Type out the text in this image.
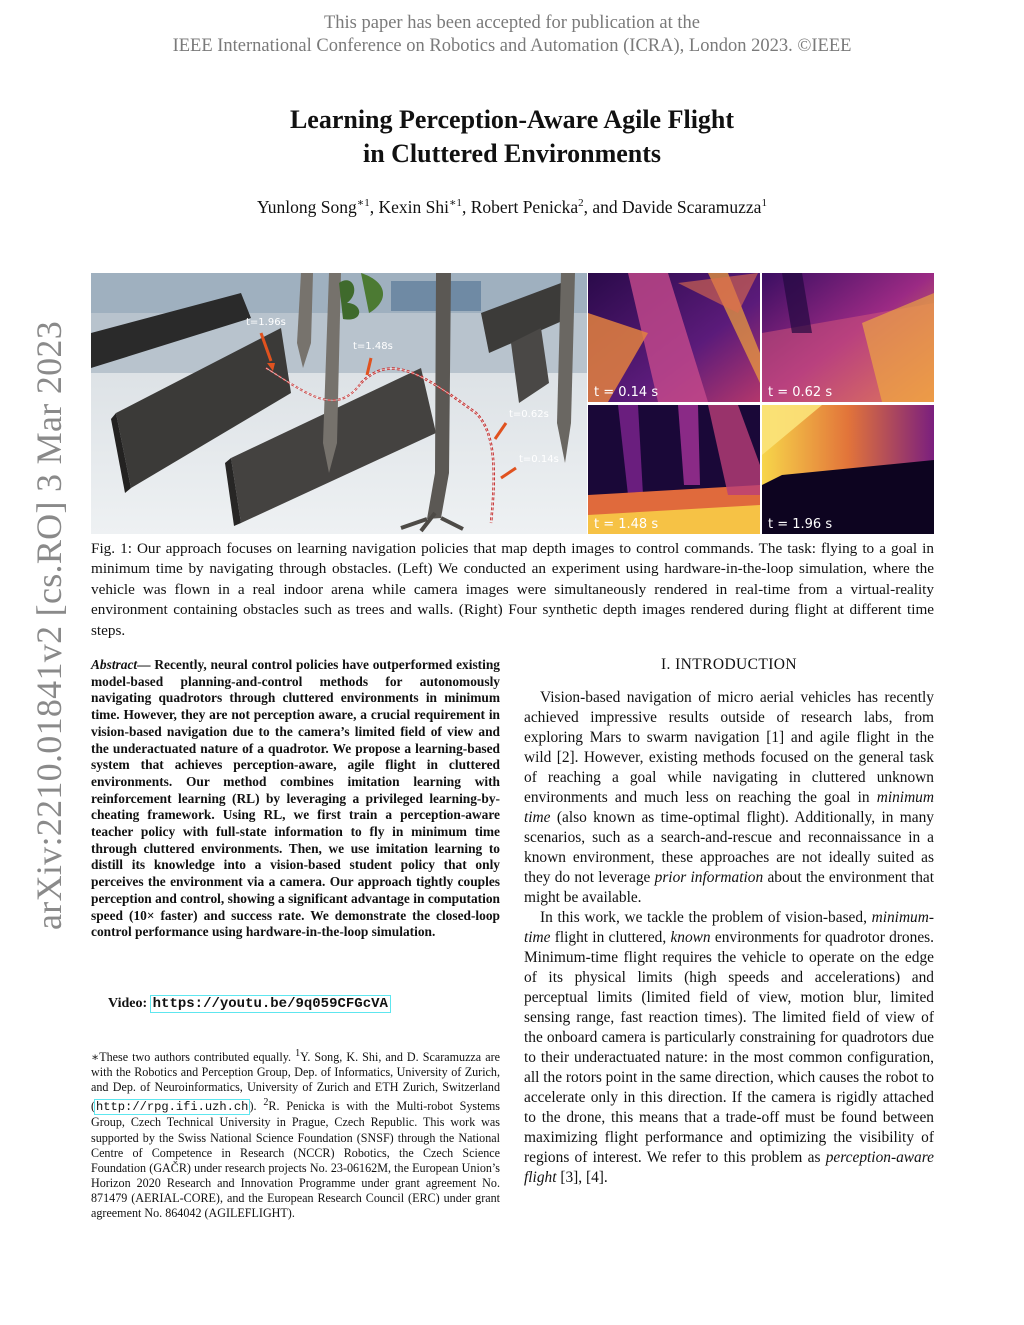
This paper has been accepted for publication at the
IEEE International Conference on Robotics and Automation (ICRA), London 2023. ©IEEE
arXiv:2210.01841v2 [cs.RO] 3 Mar 2023
Learning Perception-Aware Agile Flight
in Cluttered Environments
Yunlong Song$^{∗1}$, Kexin Shi$^{∗1}$, Robert Penicka$^2$, and Davide Scaramuzza$^1$
t=1.96s
t=1.48s
t=0.62s
t=0.14s
t = 0.14 s	t = 0.62 s
t = 1.48 s	t = 1.96 s
Fig. 1: Our approach focuses on learning navigation policies that map depth images to control commands. The task: flying to a goal in minimum time by navigating through obstacles. (Left) We conducted an experiment using hardware-in-the-loop simulation, where the vehicle was flown in a real indoor arena while camera images were simultaneously rendered in real-time from a virtual-reality environment containing obstacles such as trees and walls. (Right) Four synthetic depth images rendered during flight at different time steps.
Abstract— Recently, neural control policies have outperformed existing model-based planning-and-control methods for autonomously navigating quadrotors through cluttered environments in minimum time. However, they are not perception aware, a crucial requirement in vision-based navigation due to the camera’s limited field of view and the underactuated nature of a quadrotor. We propose a learning-based system that achieves perception-aware, agile flight in cluttered environments. Our method combines imitation learning with reinforcement learning (RL) by leveraging a privileged learning-by-cheating framework. Using RL, we first train a perception-aware teacher policy with full-state information to fly in minimum time through cluttered environments. Then, we use imitation learning to distill its knowledge into a vision-based student policy that only perceives the environment via a camera. Our approach tightly couples perception and control, showing a significant advantage in computation speed (10× faster) and success rate. We demonstrate the closed-loop control performance using hardware-in-the-loop simulation.
Video: https://youtu.be/9q059CFGcVA
∗These two authors contributed equally. $^1$Y. Song, K. Shi, and D. Scaramuzza are with the Robotics and Perception Group, Dep. of Informatics, University of Zurich, and Dep. of Neuroinformatics, University of Zurich and ETH Zurich, Switzerland (http://rpg.ifi.uzh.ch). $^2$R. Penicka is with the Multi-robot Systems Group, Czech Technical University in Prague, Czech Republic. This work was supported by the Swiss National Science Foundation (SNSF) through the National Centre of Competence in Research (NCCR) Robotics, the Czech Science Foundation (GAČR) under research projects No. 23-06162M, the European Union’s Horizon 2020 Research and Innovation Programme under grant agreement No. 871479 (AERIAL-CORE), and the European Research Council (ERC) under grant agreement No. 864042 (AGILEFLIGHT).
I. INTRODUCTION

Vision-based navigation of micro aerial vehicles has recently achieved impressive results outside of research labs, from exploring Mars to swarm navigation [1] and agile flight in the wild [2]. However, existing methods focused on the general task of reaching a goal while navigating in cluttered unknown environments and much less on reaching the goal in minimum time (also known as time-optimal flight). Additionally, in many scenarios, such as a search-and-rescue and reconnaissance in a known environment, these approaches are not ideally suited as they do not leverage prior information about the environment that might be available.

In this work, we tackle the problem of vision-based, minimum-time flight in cluttered, known environments for quadrotor drones. Minimum-time flight requires the vehicle to operate on the edge of its physical limits (high speeds and accelerations) and perceptual limits (limited field of view, motion blur, limited sensing range, fast reaction times). The limited field of view of the onboard camera is particularly constraining for quadrotors due to their underactuated nature: in the most common configuration, all the rotors point in the same direction, which causes the robot to accelerate only in this direction. If the camera is rigidly attached to the drone, this means that a trade-off must be found between maximizing flight performance and optimizing the visibility of regions of interest. We refer to this problem as perception-aware flight [3], [4].
